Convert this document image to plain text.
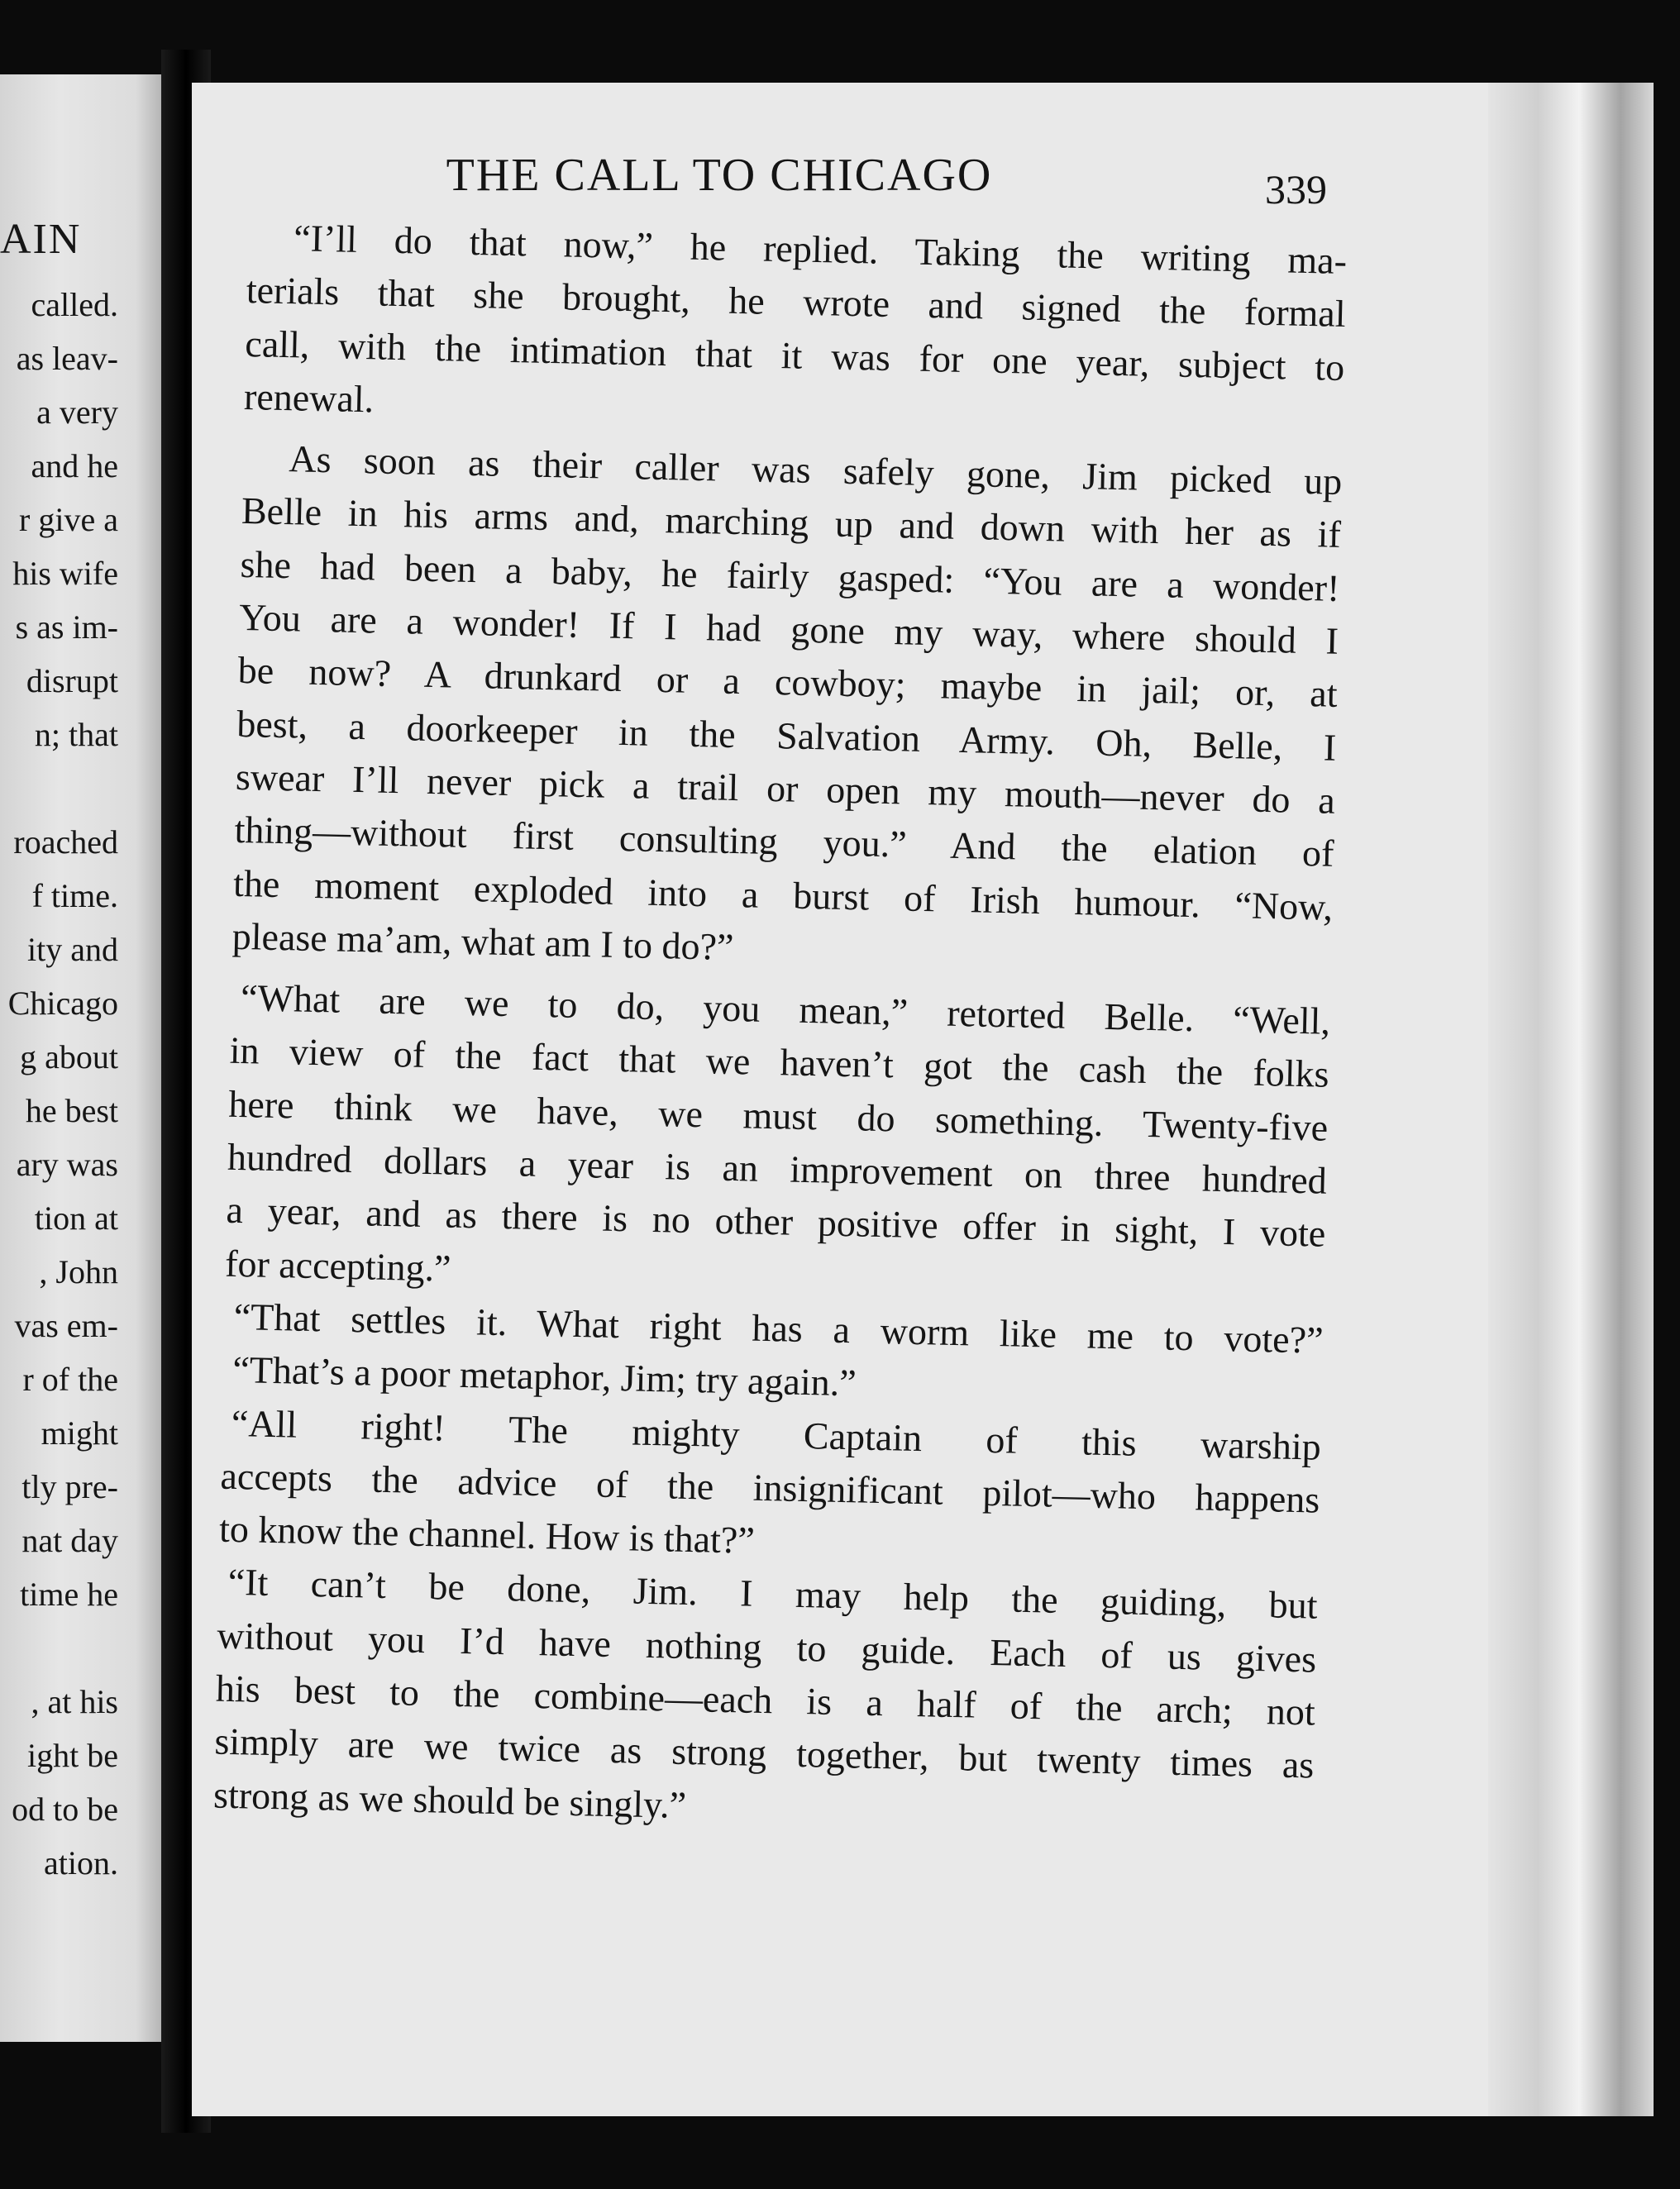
AIN
called.
as leav-
a very
and he
r give a
his wife
s as im-
disrupt
n; that
roached
f time.
ity and
Chicago
g about
he best
ary was
tion at
, John
vas em-
r of the
might
tly pre-
nat day
time he
, at his
ight be
od to be
ation.
THE CALL TO CHICAGO	339
“I’ll do that now,” he replied. Taking the writing ma-
terials that she brought, he wrote and signed the formal
call, with the intimation that it was for one year, subject to
renewal.
As soon as their caller was safely gone, Jim picked up
Belle in his arms and, marching up and down with her as if
she had been a baby, he fairly gasped: “You are a wonder!
You are a wonder! If I had gone my way, where should I
be now? A drunkard or a cowboy; maybe in jail; or, at
best, a doorkeeper in the Salvation Army. Oh, Belle, I
swear I’ll never pick a trail or open my mouth—never do a
thing—without first consulting you.” And the elation of
the moment exploded into a burst of Irish humour. “Now,
please ma’am, what am I to do?”
“What are we to do, you mean,” retorted Belle. “Well,
in view of the fact that we haven’t got the cash the folks
here think we have, we must do something. Twenty-five
hundred dollars a year is an improvement on three hundred
a year, and as there is no other positive offer in sight, I vote
for accepting.”
“That settles it. What right has a worm like me to vote?”
“That’s a poor metaphor, Jim; try again.”
“All right! The mighty Captain of this warship
accepts the advice of the insignificant pilot—who happens
to know the channel. How is that?”
“It can’t be done, Jim. I may help the guiding, but
without you I’d have nothing to guide. Each of us gives
his best to the combine—each is a half of the arch; not
simply are we twice as strong together, but twenty times as
strong as we should be singly.”
